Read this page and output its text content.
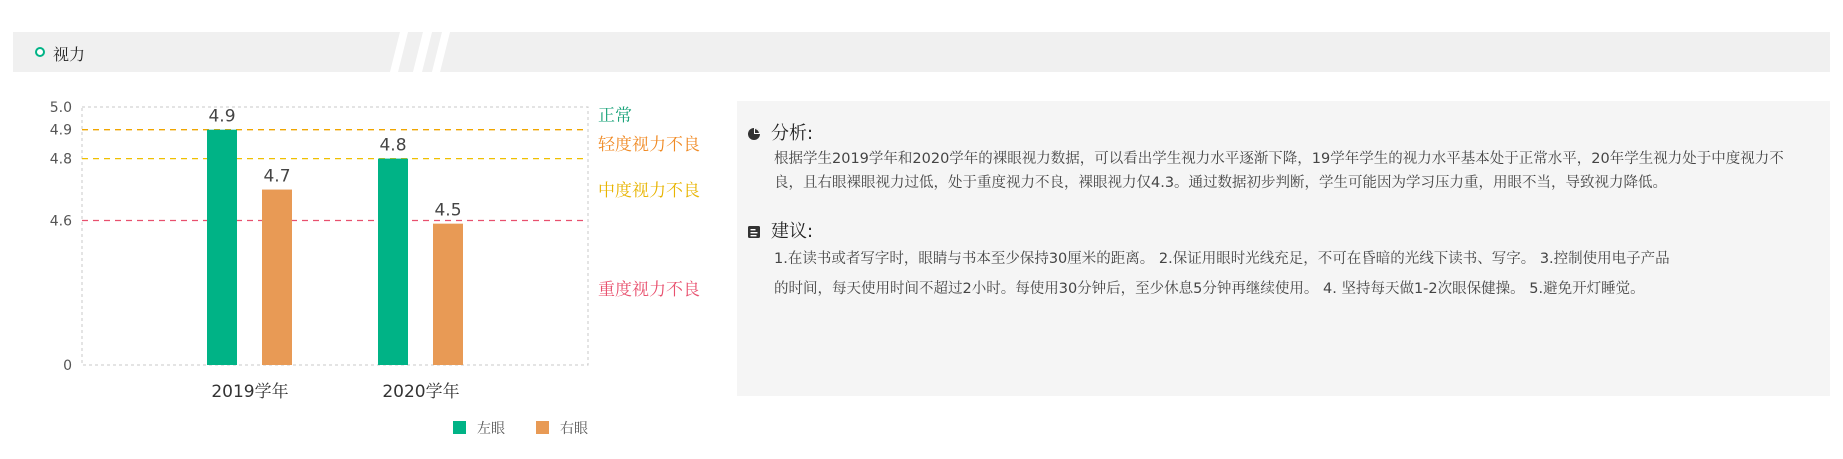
视力
5.0
4.9
4.8
4.6
0
4.9
4.7
2019学年
4.8
4.5
2020学年
正常
轻度视力不良
中度视力不良
重度视力不良
左眼	右眼
分析:
根据学生2019学年和2020学年的裸眼视力数据，可以看出学生视力水平逐渐下降，19学年学生的视力水平基本处于正常水平，20年学生视力处于中度视力不良，且右眼裸眼视力过低，处于重度视力不良，裸眼视力仅4.3。通过数据初步判断，学生可能因为学习压力重，用眼不当，导致视力降低。
建议:
1.在读书或者写字时，眼睛与书本至少保持30厘米的距离。 2.保证用眼时光线充足，不可在昏暗的光线下读书、写字。 3.控制使用电子产品
的时间，每天使用时间不超过2小时。每使用30分钟后，至少休息5分钟再继续使用。 4. 坚持每天做1-2次眼保健操。 5.避免开灯睡觉。
